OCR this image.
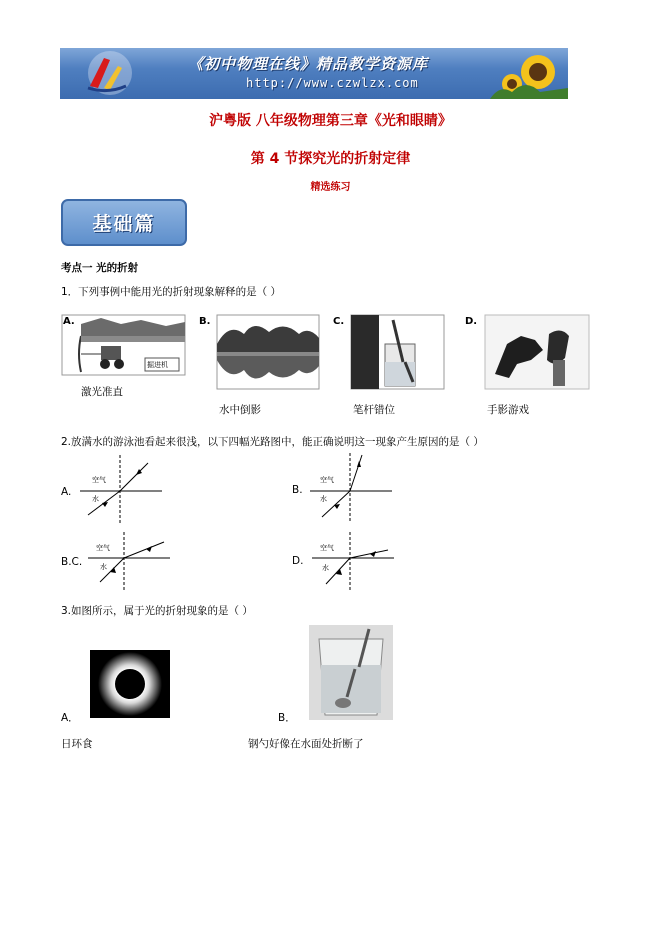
《初中物理在线》精品教学资源库
http://www.czwlzx.com
沪粤版 八年级物理第三章《光和眼睛》
第 4 节探究光的折射定律
精选练习
基础篇
考点一 光的折射
1．下列事例中能用光的折射现象解释的是（ ）
A.
掘进机
激光准直
B.
水中倒影
C.
笔杆错位
D.
手影游戏
2.放满水的游泳池看起来很浅，以下四幅光路图中，能正确说明这一现象产生原因的是（ ）
A.
空气
水
B.
空气
水
B.C.
空气
水	D.
空气
水
3.如图所示，属于光的折射现象的是（ ）
A．
日环食
B．
钢勺好像在水面处折断了
